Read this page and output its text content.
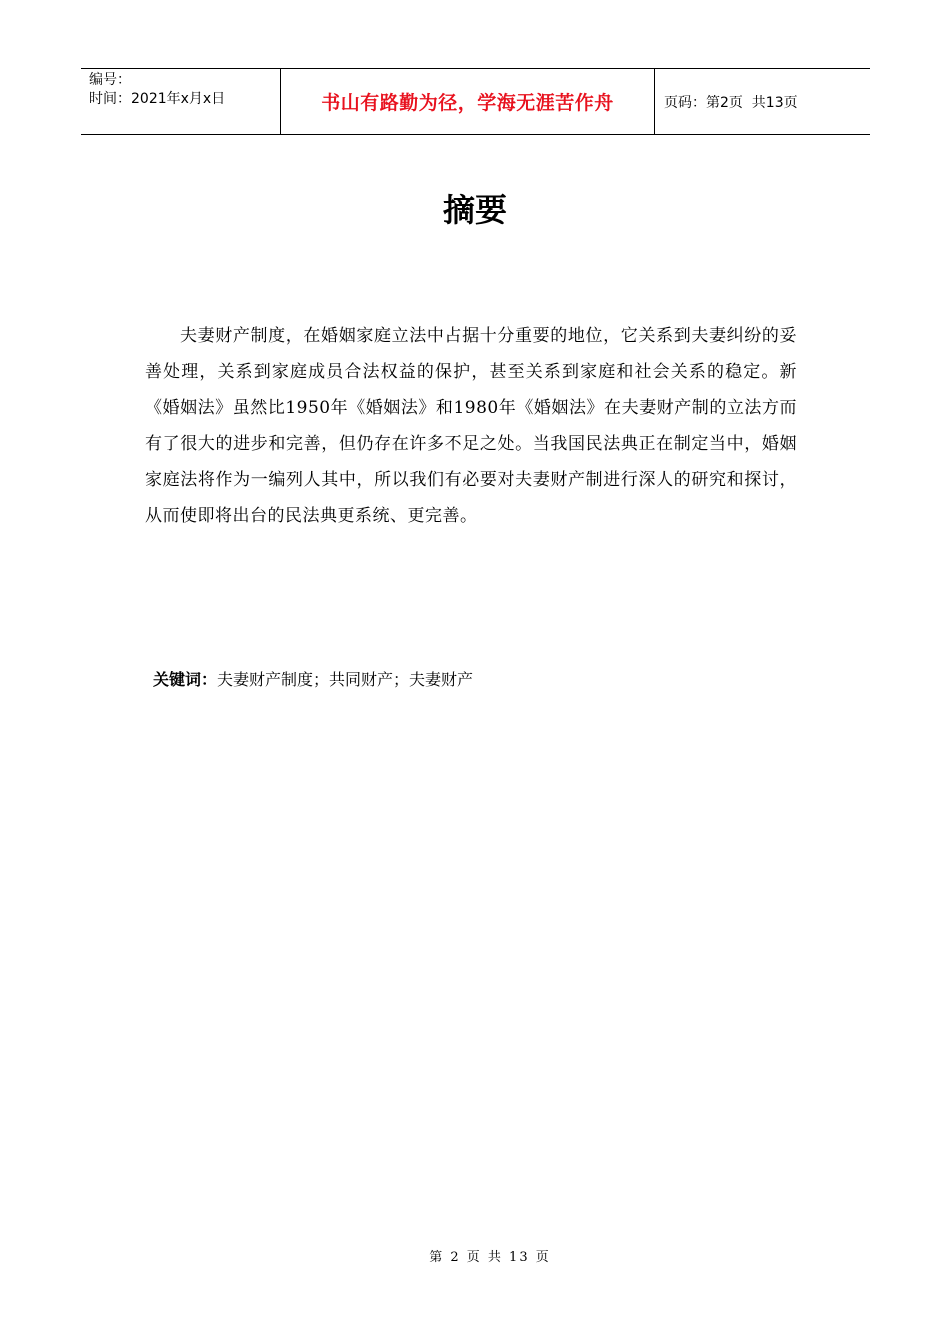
编号：
时间：2021年x月x日	书山有路勤为径，学海无涯苦作舟	页码：第2页  共13页
摘要

夫妻财产制度，在婚姻家庭立法中占据十分重要的地位，它关系到夫妻纠纷的妥善处理，关系到家庭成员合法权益的保护，甚至关系到家庭和社会关系的稳定。新《婚姻法》虽然比1950年《婚姻法》和1980年《婚姻法》在夫妻财产制的立法方而有了很大的进步和完善，但仍存在许多不足之处。当我国民法典正在制定当中，婚姻家庭法将作为一编列人其中，所以我们有必要对夫妻财产制进行深人的研究和探讨，从而使即将出台的民法典更系统、更完善。

关键词：夫妻财产制度；共同财产；夫妻财产
第 2 页 共 13 页
